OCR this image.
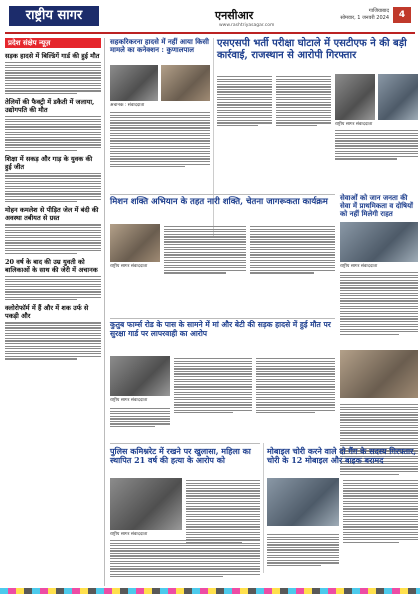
राष्ट्रीय सागर	एनसीआर
www.rashtriyasagar.com
गाजियाबाद
सोमवार, 1 जनवरी 2024	4
प्रदेश संक्षेप न्यूज़
सड़क हादसे में बिल्डिंगें गार्ड की हुई मौत
तेलियों की फैक्ट्री में डकैती में जलाया, उद्योगपति की मौत
शिक्षा में सकड़ और गाड़ के युवक की हुई जीत
मोहन कमलेश से पीड़ित जेल में बंदी की अवस्था तबीयत से ग्रस्त
20 वर्ष के बाद की उम्र युवती को बालिकाओं के साथ की जेरी में अचानक
क्लोरोफॉर्म में हैं और में शक उर्फ से पकड़ी और
सहकरिकरना हादसे में नहीं आया किसी मामले का कनेक्शन : कुणालपाल
अचानक : संवाददाता
एसएसपी भर्ती परीक्षा घोटाले में एसटीएफ ने की बड़ी कार्रवाई, राजस्थान से आरोपी गिरफ्तार
राष्ट्रीय सागर संवाददाता
मिशन शक्ति अभियान के तहत नारी शक्ति, चेतना जागरूकता कार्यक्रम
राष्ट्रीय सागर संवाददाता
सेवाओं को जान जनता की सेवा में प्राथमिकता व दोषियों को नहीं मिलेगी राहत
राष्ट्रीय सागर संवाददाता
कुतुब फार्म्स रोड के पास के सामने में मां और बेटी की सड़क हादसे में हुई मौत पर सुरक्षा गार्ड पर लापरवाही का आरोप
राष्ट्रीय सागर संवाददाता
पुलिस कमिश्नरेट में रखने पर खुलासा, महिला का स्थापित 21 वर्ष की हत्या के आरोप को
राष्ट्रीय सागर संवाददाता
मोबाइल चोरी करने वाले दो गैंग के सदस्य गिरफ्तार, चोरी के 12 मोबाइल और बाइक बरामद
